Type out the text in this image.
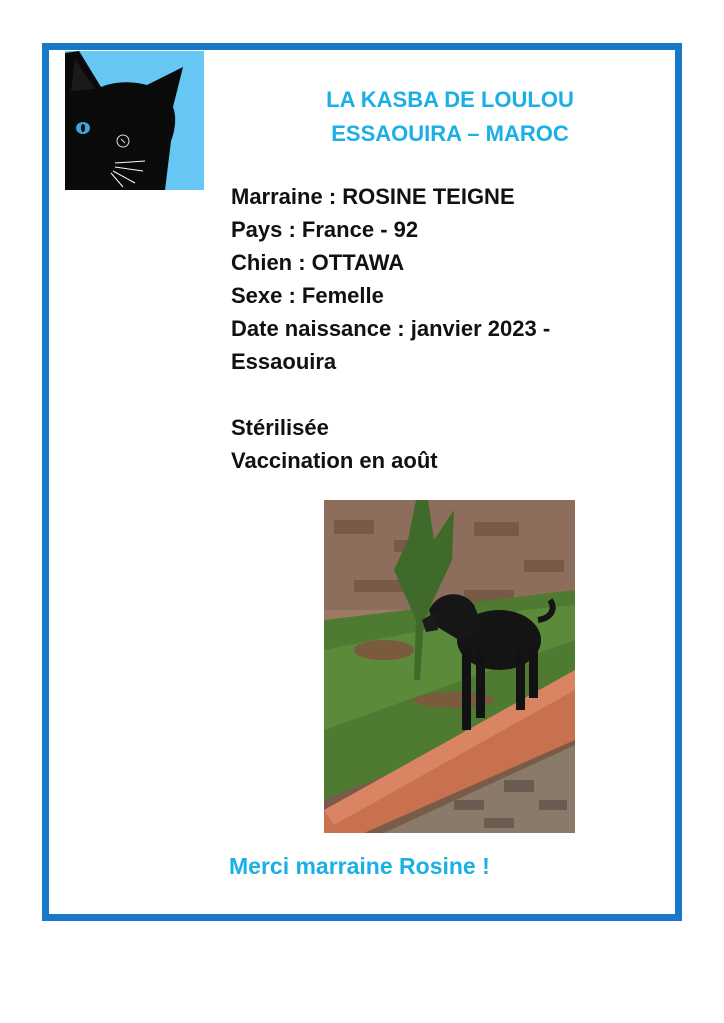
LA KASBA DE LOULOU
ESSAOUIRA – MAROC
Marraine : ROSINE TEIGNE
Pays : France - 92
Chien : OTTAWA
Sexe : Femelle
Date naissance : janvier 2023 -
Essaouira
Stérilisée
Vaccination en août
Merci marraine Rosine !
